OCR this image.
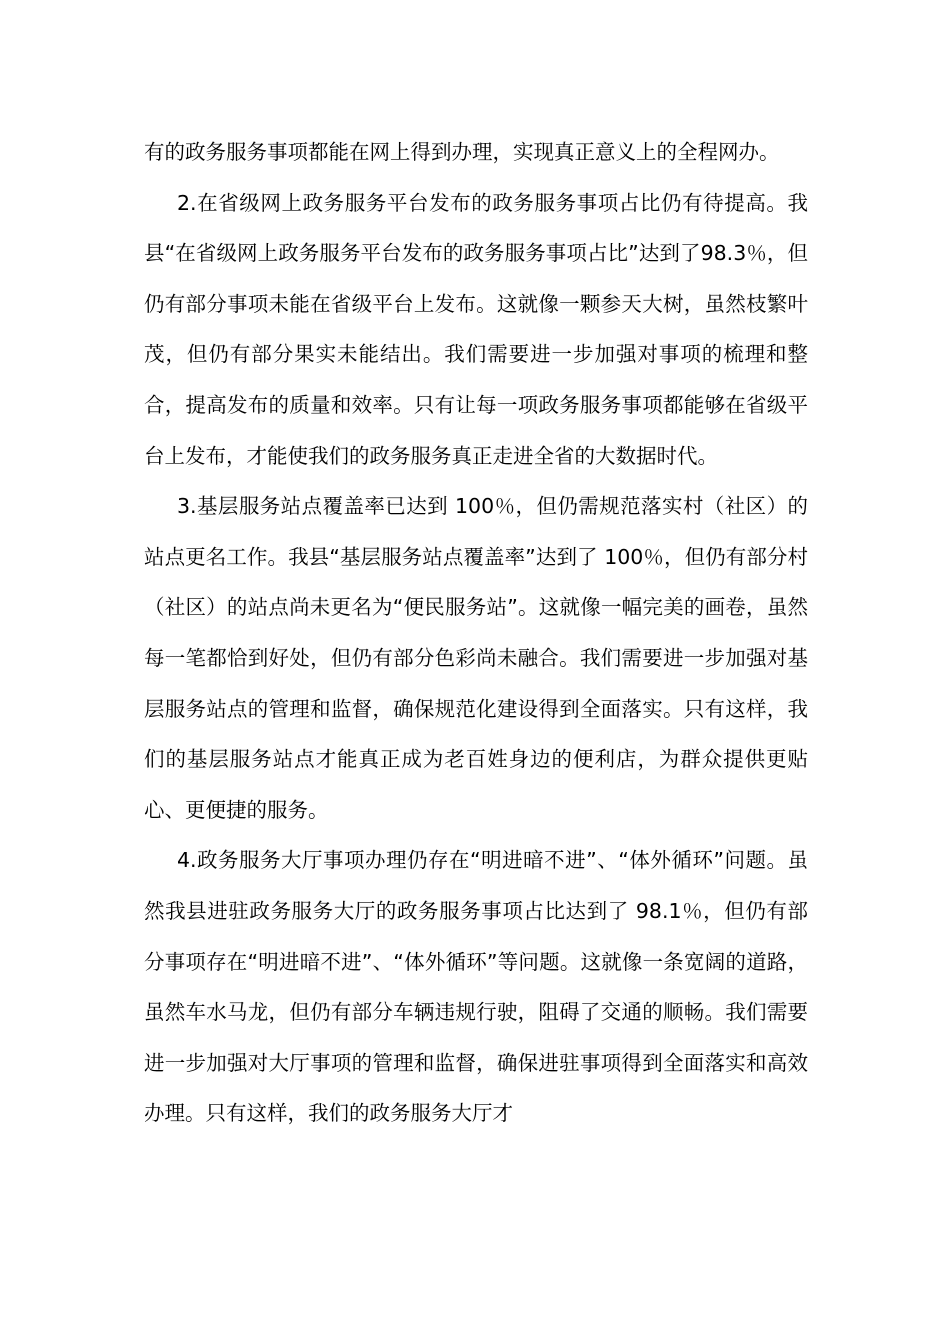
有的政务服务事项都能在网上得到办理，实现真正意义上的全程网办。

2.在省级网上政务服务平台发布的政务服务事项占比仍有待提高。我县“在省级网上政务服务平台发布的政务服务事项占比”达到了98.3％，但仍有部分事项未能在省级平台上发布。这就像一颗参天大树，虽然枝繁叶茂，但仍有部分果实未能结出。我们需要进一步加强对事项的梳理和整合，提高发布的质量和效率。只有让每一项政务服务事项都能够在省级平台上发布，才能使我们的政务服务真正走进全省的大数据时代。

3.基层服务站点覆盖率已达到 100％，但仍需规范落实村（社区）的站点更名工作。我县“基层服务站点覆盖率”达到了 100％，但仍有部分村（社区）的站点尚未更名为“便民服务站”。这就像一幅完美的画卷，虽然每一笔都恰到好处，但仍有部分色彩尚未融合。我们需要进一步加强对基层服务站点的管理和监督，确保规范化建设得到全面落实。只有这样，我们的基层服务站点才能真正成为老百姓身边的便利店，为群众提供更贴心、更便捷的服务。

4.政务服务大厅事项办理仍存在“明进暗不进”、“体外循环”问题。虽然我县进驻政务服务大厅的政务服务事项占比达到了 98.1％，但仍有部分事项存在“明进暗不进”、“体外循环”等问题。这就像一条宽阔的道路，虽然车水马龙，但仍有部分车辆违规行驶，阻碍了交通的顺畅。我们需要进一步加强对大厅事项的管理和监督，确保进驻事项得到全面落实和高效办理。只有这样，我们的政务服务大厅才
